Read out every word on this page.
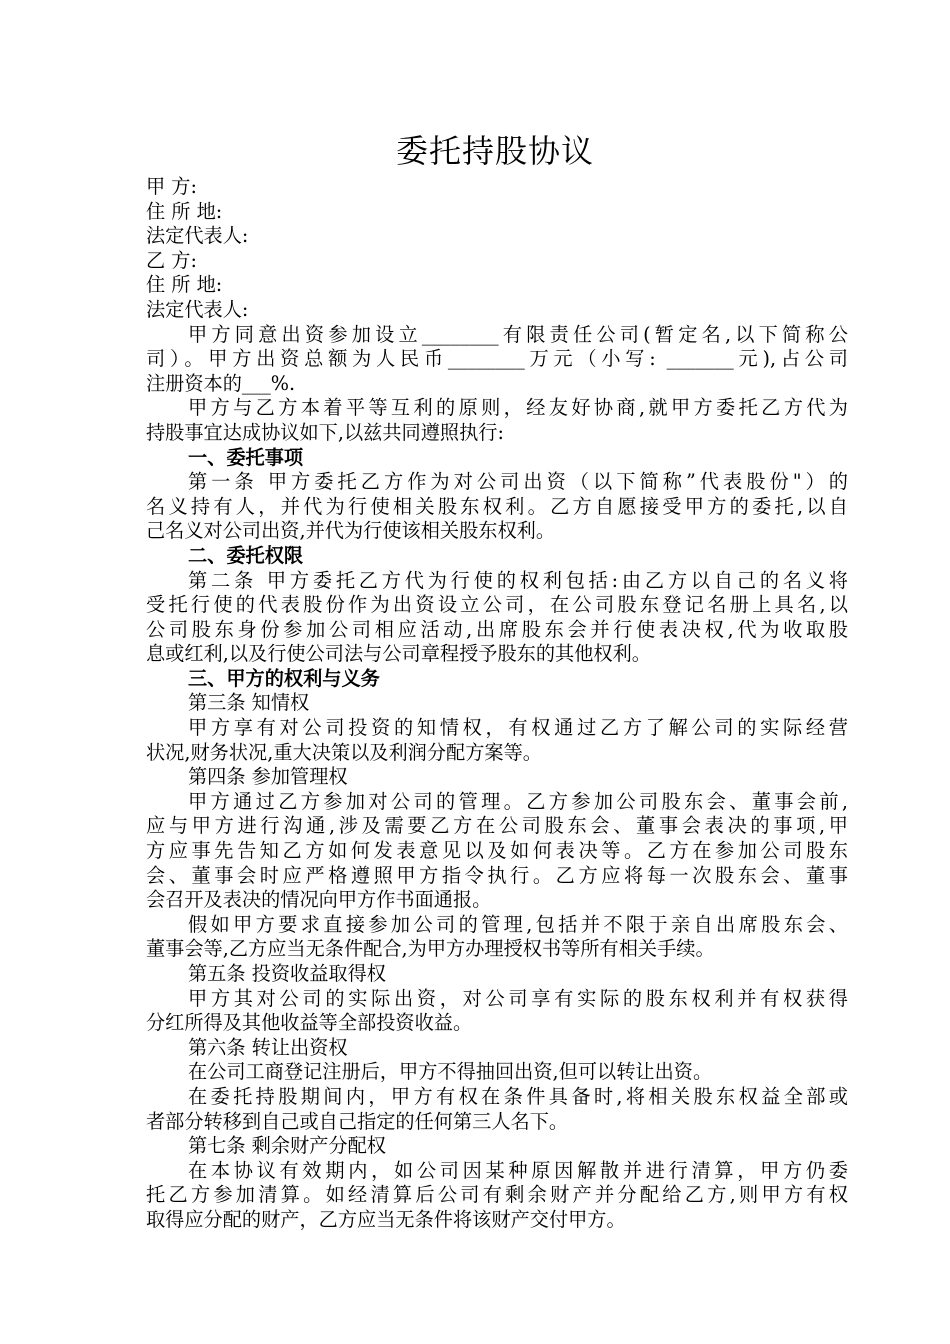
委托持股协议

甲 方:

住 所 地:

法定代表人:

乙 方:

住 所 地:

法定代表人:

甲方同意出资参加设立________有限责任公司(暂定名,以下简称公

司）。甲方出资总额为人民币________万元（小写: _______元),占公司

注册资本的___%.

甲方与乙方本着平等互利的原则，经友好协商,就甲方委托乙方代为

持股事宜达成协议如下,以兹共同遵照执行:

一、委托事项

第一条 甲方委托乙方作为对公司出资（以下简称”代表股份"）的

名义持有人，并代为行使相关股东权利。乙方自愿接受甲方的委托,以自

己名义对公司出资,并代为行使该相关股东权利。

二、委托权限

第二条 甲方委托乙方代为行使的权利包括:由乙方以自己的名义将

受托行使的代表股份作为出资设立公司，在公司股东登记名册上具名,以

公司股东身份参加公司相应活动,出席股东会并行使表决权,代为收取股

息或红利,以及行使公司法与公司章程授予股东的其他权利。

三、甲方的权利与义务

第三条 知情权

甲方享有对公司投资的知情权，有权通过乙方了解公司的实际经营

状况,财务状况,重大决策以及利润分配方案等。

第四条 参加管理权

甲方通过乙方参加对公司的管理。乙方参加公司股东会、董事会前,

应与甲方进行沟通,涉及需要乙方在公司股东会、董事会表决的事项,甲

方应事先告知乙方如何发表意见以及如何表决等。乙方在参加公司股东

会、董事会时应严格遵照甲方指令执行。乙方应将每一次股东会、董事

会召开及表决的情况向甲方作书面通报。

假如甲方要求直接参加公司的管理,包括并不限于亲自出席股东会、

董事会等,乙方应当无条件配合,为甲方办理授权书等所有相关手续。

第五条 投资收益取得权

甲方其对公司的实际出资，对公司享有实际的股东权利并有权获得

分红所得及其他收益等全部投资收益。

第六条 转让出资权

在公司工商登记注册后，甲方不得抽回出资,但可以转让出资。

在委托持股期间内，甲方有权在条件具备时,将相关股东权益全部或

者部分转移到自己或自己指定的任何第三人名下。

第七条 剩余财产分配权

在本协议有效期内，如公司因某种原因解散并进行清算，甲方仍委

托乙方参加清算。如经清算后公司有剩余财产并分配给乙方,则甲方有权

取得应分配的财产，乙方应当无条件将该财产交付甲方。
